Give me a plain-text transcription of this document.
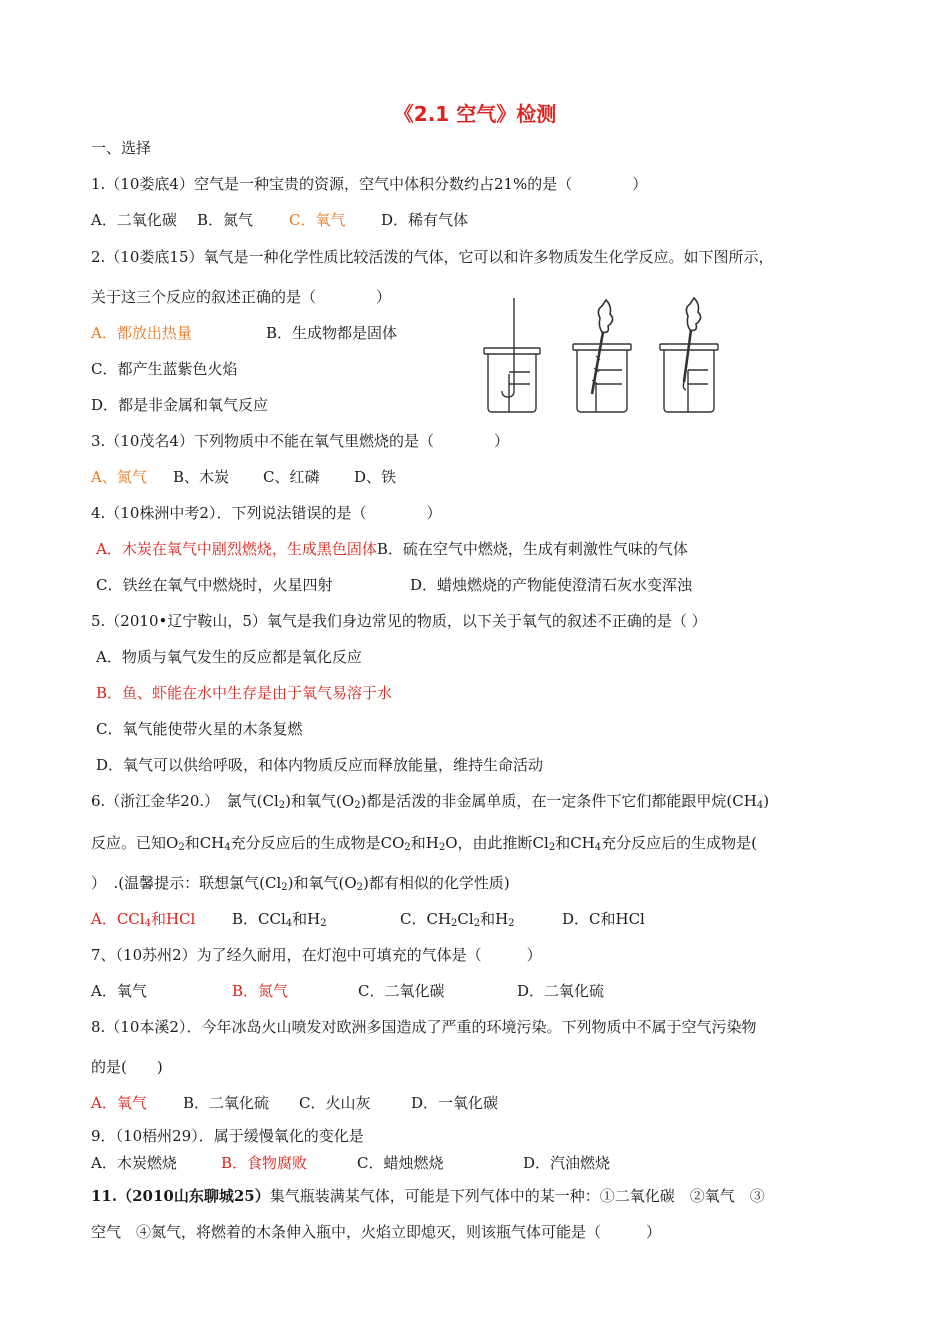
《2.1 空气》检测
一、选择
1.（10娄底4）空气是一种宝贵的资源，空气中体积分数约占21%的是（　　　　）
A．二氧化碳 B．氮气 C．氧气 D．稀有气体
2.（10娄底15）氧气是一种化学性质比较活泼的气体，它可以和许多物质发生化学反应。如下图所示，
关于这三个反应的叙述正确的是（　　　　）
A．都放出热量	B．生成物都是固体
C．都产生蓝紫色火焰
D．都是非金属和氧气反应
3.（10茂名4）下列物质中不能在氧气里燃烧的是（　　　　）
A、氮气 B、木炭 C、红磷 D、铁
4.（10株洲中考2）．下列说法错误的是（　　　　）
A．木炭在氧气中剧烈燃烧，生成黑色固体B．硫在空气中燃烧，生成有刺激性气味的气体
C．铁丝在氧气中燃烧时，火星四射	D．蜡烛燃烧的产物能使澄清石灰水变浑浊
5.（2010•辽宁鞍山，5）氧气是我们身边常见的物质，以下关于氧气的叙述不正确的是（ ）
A．物质与氧气发生的反应都是氧化反应
B．鱼、虾能在水中生存是由于氧气易溶于水
C．氧气能使带火星的木条复燃
D．氧气可以供给呼吸，和体内物质反应而释放能量，维持生命活动
6.（浙江金华20.）　氯气$(Cl_2)$和氧气$(O_2)$都是活泼的非金属单质，在一定条件下它们都能跟甲烷$(CH_4)$
反应。已知$O_2$和$CH_4$充分反应后的生成物是$CO_2$和$H_2O$，由此推断$Cl_2$和$CH_4$充分反应后的生成物是(
）　.(温馨提示：联想氯气$(Cl_2)$和氧气$(O_2)$都有相似的化学性质)
A．CCl$_4$和HCl B．CCl$_4$和$H_2$	C．$CH_2Cl_2$和$H_2$	D．C和HCl
7、（10苏州2）为了经久耐用，在灯泡中可填充的气体是（　　　）
A．氧气	B．氮气	C．二氧化碳	D．二氧化硫
8.（10本溪2）．今年冰岛火山喷发对欧洲多国造成了严重的环境污染。下列物质中不属于空气污染物
的是(　　)
A．氧气 B．二氧化硫 C．火山灰	D．一氧化碳
9．（10梧州29）．属于缓慢氧化的变化是
A．木炭燃烧	B．食物腐败	C．蜡烛燃烧	D．汽油燃烧
11.（2010山东聊城25）集气瓶装满某气体，可能是下列气体中的某一种：①二氧化碳　②氧气　③
空气　④氮气，将燃着的木条伸入瓶中，火焰立即熄灭，则该瓶气体可能是（　　　）
